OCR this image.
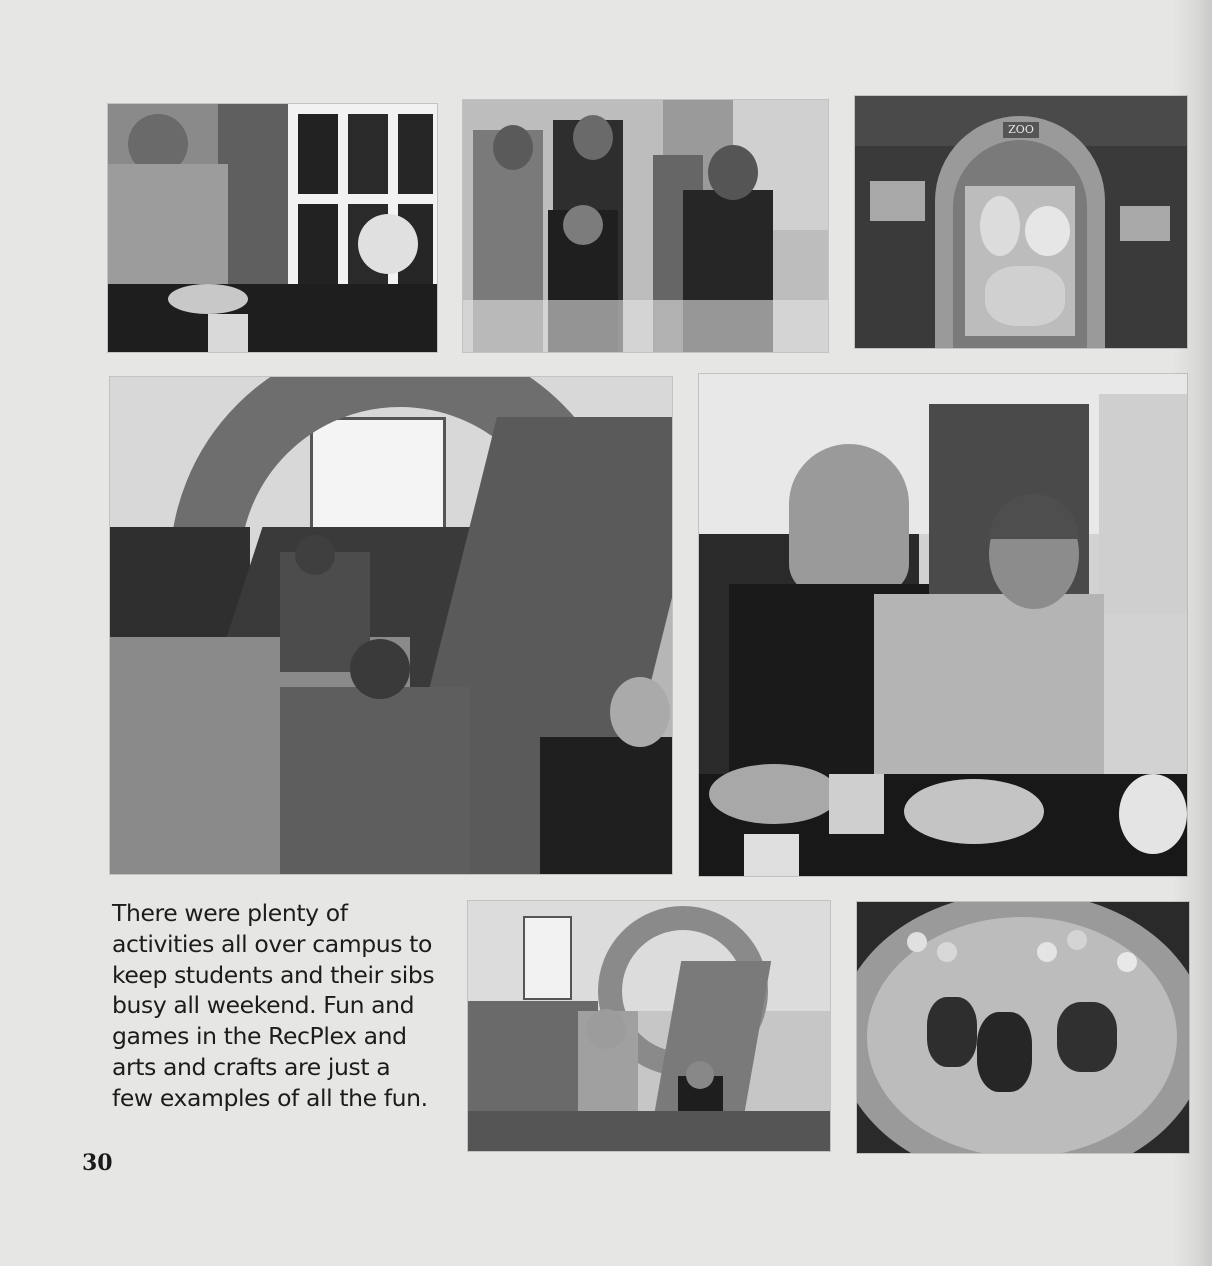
ZOO
There were plenty of
activities all over campus to
keep students and their sibs
busy all weekend. Fun and
games in the RecPlex and
arts and crafts are just a
few examples of all the fun.
30
